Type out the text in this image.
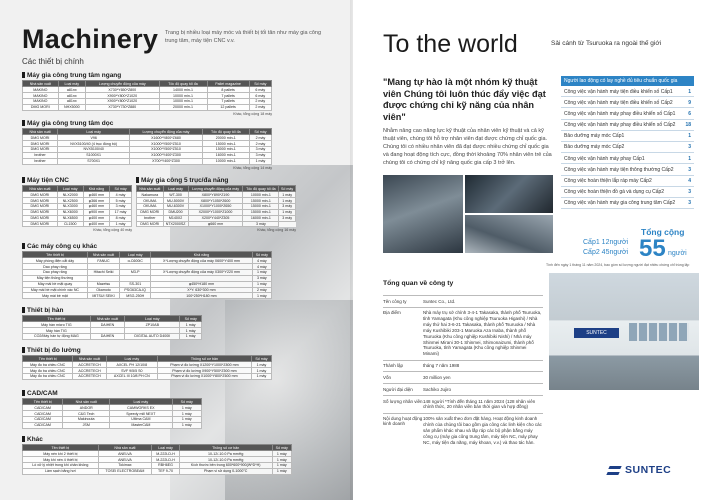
Machinery
Các thiết bị chính
Trang bị nhiều loại máy móc và thiết bị tối tân như máy gia công trung tâm, máy tiện CNC v.v.
Máy gia công trung tâm ngang
Nhà sản xuất	Loại máy	Lượng chuyển động của máy	Tốc độ quay tối đa	Pallet magazine	Số máy
MAKINO	a81nx	X730*Y650*Z800	14000 min-1	8 pallets	6 máy
MAKINO	a81nx	X900*Y800*Z1020	10000 min-1	7 pallets	6 máy
MAKINO	a81nx	X900*Y800*Z1020	10000 min-1	7 pallets	2 máy
DMG MORI	NHX5000	X730*Y730*Z880	20000 min-1	12 pallets	2 máy
Khác, tổng cộng 18 máy
Máy gia công trung tâm dọc
Nhà sản xuất	Loại máy	Lượng chuyển động của máy	Tốc độ quay tối đa	Số máy
DMG MORI	V96	X1600*Y800*Z680	20000 min-1	2 máy
DMG MORI	NVX5100/40 (4 trục đồng bộ)	X1000*Y500*Z510	15000 min-1	2 máy
DMG MORI	NVX5100/40	X1000*Y500*Z510	15000 min-1	3 máy
brother	S1000X1	X1000*Y400*Z300	16000 min-1	3 máy
brother	S700X1	X700*Y400*Z300	10000 min-1	1 máy
Khác, tổng cộng 14 máy
Máy tiện CNC
Nhà sản xuất	Loại máy	Khả năng	Số máy
DMG MORI	NLX2000	φ460 mm	4 máy
DMG MORI	NLX2500	φ366 mm	5 máy
DMG MORI	NLX3000	φ460 mm	3 máy
DMG MORI	NLX6000	φ900 mm	17 máy
DMG MORI	NLX6500	φ400 mm	8 máy
DMG MORI	CL1500	φ400 mm	1 máy
Khác, tổng cộng 40 máy
Máy gia công 5 trục/đa năng
Nhà sản xuất	Loại máy	Lượng chuyển động của máy	Tốc độ quay tối đa	Số máy
Nakamura	WT-300	X800*Y890*Z190	10000 min-1	1 máy
OKUMA	MU-5000V	X800*Y1050*Z600	15000 min-1	1 máy
OKUMA	MU-6300V	X1000*Y1000*Z650	15000 min-1	3 máy
DMG MORI	DMU200	X2000*Y1000*Z1000	15000 min-1	1 máy
brother	M140X2	X200*Y440*Z305	16000 min-1	3 máy
DMG MORI	NTX2000SZ	φ660 mm	3 máy	
Khác, tổng cộng 16 máy
Các máy công cụ khác
Tên thiết bị	Nhà sản xuất	Loại máy	Khả năng	Số máy
Máy phóng điện cắt dây	FANUC	α-C600iC	X*Lượng chuyển động của máy X600*Y400 mm	4 máy
Dao phay răng				4 máy
Dao phay răng	Hitachi Seiki	M3-P	X*Lượng chuyển động của máy X300*Y220 mm	1 máy
Máy tiện thông thường				3 máy
Máy mài bề mặt quay	Mazetsu	SS-301	φ450*H180 mm	1 máy
Máy mài bề mặt chính xác NC	Okamoto	PSG63CA-IQ	X*Y: 630*300 mm	2 máy
Máy mài bề mặt	MITSUI SEIKI	MSG-250H	100*250*H180 mm	1 máy
Thiết bị hàn
Tên thiết bị	Nhà sản xuất	Loại máy	Số máy
Máy hàn micro TIG	DAIHEN	ZP10AB	1 máy
Máy hàn TIG			1 máy
CO2/Máy hàn tự động MAG	DAIHEN	DIGITAL AUTO D400II	1 máy
Thiết bị đo lường
Tên thiết bị	Nhà sản xuất	Loại máy	Thông số cơ bản	Số máy
Máy đo ba chiều CNC	ACCRETECH	AXCEL PH 12/10/8	Phạm vi đo lường X1200*Y1000*Z800 mm	1 máy
Máy đo ba chiều CNC	ACCRETECH	SVF 9/5/5 S0	Phạm vi đo lường X900*Y500*Z500 mm	1 máy
Máy đo ba chiều CNC	ACCRETECH	AXCEL III 10/8 PH CN	Phạm vi đo lường X1000*Y800*Z600 mm	1 máy
CAD/CAM
Tên thiết bị	Nhà sản xuất	Loại máy	Số máy
CAD/CAM	ANDOR	CAMWORKS EX	1 máy
CAD/CAM	C&G Tech	Speedy mill NEXT	1 máy
CAD/CAM	Makinouta	Ultima CAM	1 máy
CAD/CAM	JSM	MasterCAM	1 máy
Khác
Tên thiết bị	Nhà sản xuất	Loại máy	Thông số cơ bản	Số máy
Máy nén khí 2 thiết bị	ANELVA	M-222LD-H	10-12/-10.0 Pa mmHg	1 máy
Máy khí nén 4 thiết bị	ANELVA	M-222LD-H	10-12/-10.0 Pa mmHg	1 máy
Lò xử lý nhiệt trong khí chân không	Tokimax	RBH6EG	Kích thước bên trong 600*600*900(W*D*H)	1 máy
Làm sạch bằng hơi	TOSEI ELECTROBEAM	TEF 9-70	Phạm vi sử dụng 0-1000°C	1 máy
To the world	Sải cánh từ Tsuruoka ra ngoài thế giới
"Mang tự hào là một nhóm kỹ thuật viên Chúng tôi luôn thúc đẩy việc đạt được chứng chỉ kỹ năng của nhân viên"
Nhằm nâng cao năng lực kỹ thuật của nhân viên kỹ thuật và cả kỹ thuật viên, chúng tôi hỗ trợ nhân viên đạt được chứng chỉ quốc gia. Chúng tôi có nhiều nhân viên đã đạt được nhiều chứng chỉ quốc gia và đang hoạt động tích cực, đồng thời khoảng 70% nhân viên trẻ của chúng tôi có chứng chỉ kỹ năng quốc gia cấp 3 trở lên.
Người lao động có lay nghề đủ tiêu chuẩn quốc gia
Công việc vận hành máy tiện điều khiển số Cấp1	1
Công việc vận hành máy tiện điều khiển số Cấp2	9
Công việc vận hành máy phay điều khiển số Cấp1	6
Công việc vận hành máy phay điều khiển số Cấp2 18
Bảo dưỡng máy móc Cấp1	1
Bảo dưỡng máy móc Cấp2	3
Công việc vận hành máy phay Cấp1	1
Công việc vận hành máy tiện thông thường Cấp2	3
Công việc hoàn thiện lắp ráp máy Cấp2	4
Công việc hoàn thiện đồ gá và dụng cụ Cấp2	3
Công việc vận hành máy gia công trung tâm Cấp2	3
Tổng cộng
Cấp1 12người
Cấp2 45người 55 người
Tính đến ngày 1 tháng 11 năm 2024, bao gồm số lượng người đạt nhiều chứng chỉ trùng lặp
SUNTEC
Tổng quan về công ty
Tên công ty	Suntec Co., Ltd.
Địa điểm	Nhà máy trụ sở chính 3-4-1 Takasaka, thành phố Tsuruoka, tỉnh Yamagata (Khu công nghiệp Tsuruoka Higashi) / Nhà máy thứ hai 3-6-21 Takasaka, thành phố Tsuruoka / Nhà máy Kushibiki 203-1 Maruoka Aza Inaba, thành phố Tsuruoka (Khu công nghiệp Kushibiki Nishi) / Nhà máy Shinmei Mirani 30-1 Shinmei, Shimonaizumi, thành phố Tsuruoka, tỉnh Yamagata (Khu công nghiệp Shinmei Minami)
Thành lập	tháng 7 năm 1988
Vốn	30 million yen
Người đại diện	Sachiko Jujiro
Số lượng nhân viên 148 người *Tính đến tháng 11 năm 2024 (128 nhân viên chính thức, 20 nhân viên bán thời gian và hợp đồng)
Nội dung hoạt động kinh doanh
100% sản xuất theo đơn đặt hàng. Hoạt động kinh doanh chính của chúng tôi bao gồm gia công các linh kiện cho các sản phẩm khác nhau và lắp ráp các bộ phận bằng máy công cụ (máy gia công trung tâm, máy tiện NC, máy phay NC, máy tiện đa năng, máy khoan, v.v.) và thao tác hàn.
SUNTEC
